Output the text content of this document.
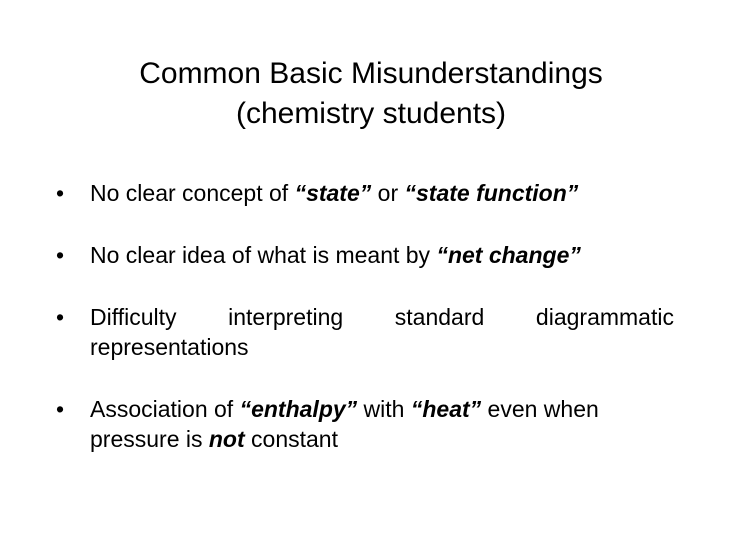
Common Basic Misunderstandings
(chemistry students)
•	No clear concept of “state” or “state function”
•	No clear idea of what is meant by “net change”
•	Difficulty interpreting standard diagrammatic
representations
•	Association of “enthalpy” with “heat” even when
pressure is not constant
